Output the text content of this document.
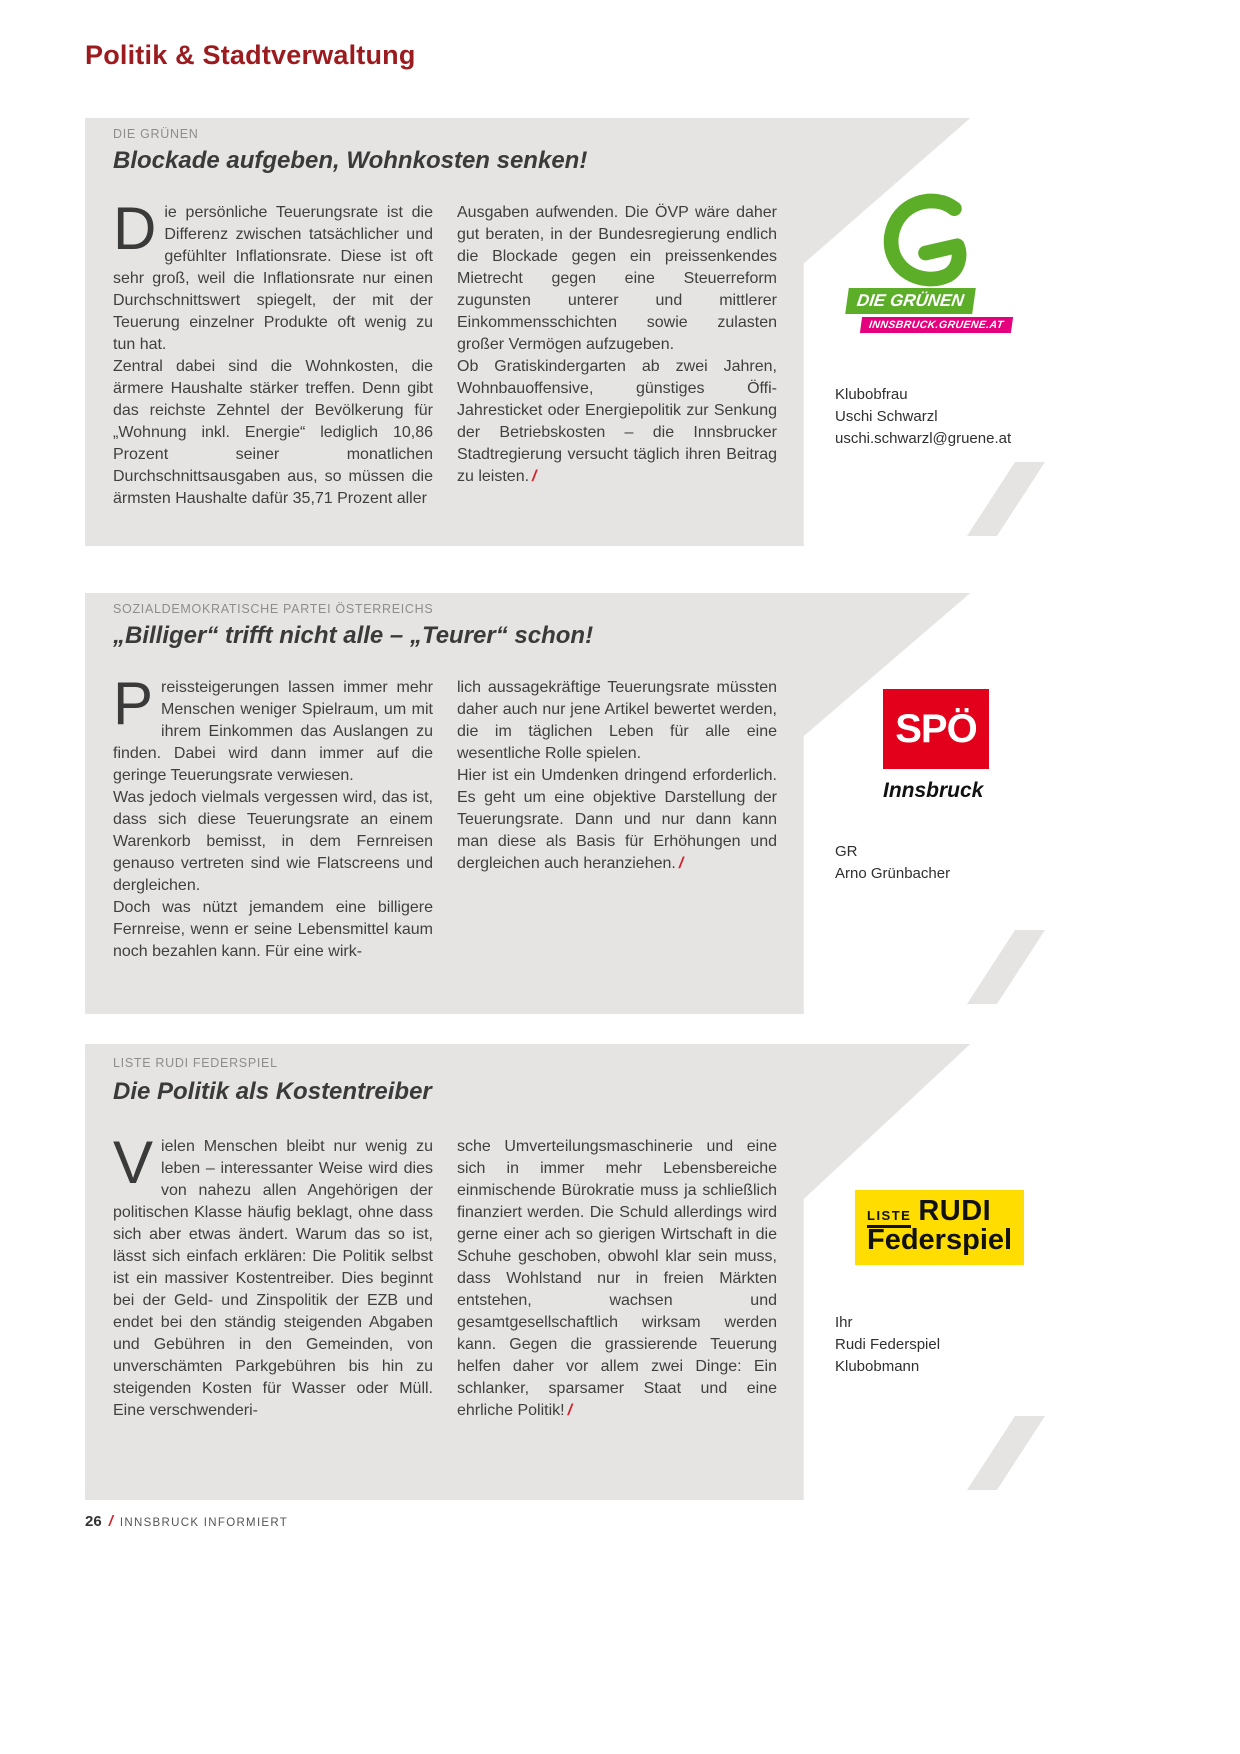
Politik & Stadtverwaltung
DIE GRÜNEN
Blockade aufgeben, Wohnkosten senken!

Die persönliche Teuerungsrate ist die Differenz zwischen tatsächlicher und gefühlter Inflationsrate. Diese ist oft sehr groß, weil die Inflationsrate nur einen Durchschnittswert spiegelt, der mit der Teuerung einzelner Produkte oft wenig zu tun hat.

Zentral dabei sind die Wohnkosten, die ärmere Haushalte stärker treffen. Denn gibt das reichste Zehntel der Bevölkerung für „Wohnung inkl. Energie“ lediglich 10,86 Prozent seiner monatlichen Durchschnittsausgaben aus, so müssen die ärmsten Haushalte dafür 35,71 Prozent aller

Ausgaben aufwenden. Die ÖVP wäre daher gut beraten, in der Bundesregierung endlich die Blockade gegen ein preissenkendes Mietrecht gegen eine Steuerreform zugunsten unterer und mittlerer Einkommensschichten sowie zulasten großer Vermögen aufzugeben.

Ob Gratiskindergarten ab zwei Jahren, Wohnbauoffensive, günstiges Öffi-Jahresticket oder Energiepolitik zur Senkung der Betriebskosten – die Innsbrucker Stadtregierung versucht täglich ihren Beitrag zu leisten. /

DIE GRÜNEN
INNSBRUCK.GRUENE.AT
Klubobfrau
Uschi Schwarzl
uschi.schwarzl@gruene.at
SOZIALDEMOKRATISCHE PARTEI ÖSTERREICHS
„Billiger“ trifft nicht alle – „Teurer“ schon!

Preissteigerungen lassen immer mehr Menschen weniger Spielraum, um mit ihrem Einkommen das Auslangen zu finden. Dabei wird dann immer auf die geringe Teuerungsrate verwiesen.

Was jedoch vielmals vergessen wird, das ist, dass sich diese Teuerungsrate an einem Warenkorb bemisst, in dem Fernreisen genauso vertreten sind wie Flatscreens und dergleichen.

Doch was nützt jemandem eine billigere Fernreise, wenn er seine Lebensmittel kaum noch bezahlen kann. Für eine wirk-

lich aussagekräftige Teuerungsrate müssten daher auch nur jene Artikel bewertet werden, die im täglichen Leben für alle eine wesentliche Rolle spielen.

Hier ist ein Umdenken dringend erforderlich. Es geht um eine objektive Darstellung der Teuerungsrate. Dann und nur dann kann man diese als Basis für Erhöhungen und dergleichen auch heranziehen. /

SPÖ
Innsbruck
GR
Arno Grünbacher
LISTE RUDI FEDERSPIEL
Die Politik als Kostentreiber

Vielen Menschen bleibt nur wenig zu leben – interessanter Weise wird dies von nahezu allen Angehörigen der politischen Klasse häufig beklagt, ohne dass sich aber etwas ändert. Warum das so ist, lässt sich einfach erklären: Die Politik selbst ist ein massiver Kostentreiber. Dies beginnt bei der Geld- und Zinspolitik der EZB und endet bei den ständig steigenden Abgaben und Gebühren in den Gemeinden, von unverschämten Parkgebühren bis hin zu steigenden Kosten für Wasser oder Müll. Eine verschwenderi-

sche Umverteilungsmaschinerie und eine sich in immer mehr Lebensbereiche einmischende Bürokratie muss ja schließlich finanziert werden. Die Schuld allerdings wird gerne einer ach so gierigen Wirtschaft in die Schuhe geschoben, obwohl klar sein muss, dass Wohlstand nur in freien Märkten entstehen, wachsen und gesamtgesellschaftlich wirksam werden kann. Gegen die grassierende Teuerung helfen daher vor allem zwei Dinge: Ein schlanker, sparsamer Staat und eine ehrliche Politik! /

LISTE RUDI
Federspiel
Ihr
Rudi Federspiel
Klubobmann
26 / INNSBRUCK INFORMIERT
